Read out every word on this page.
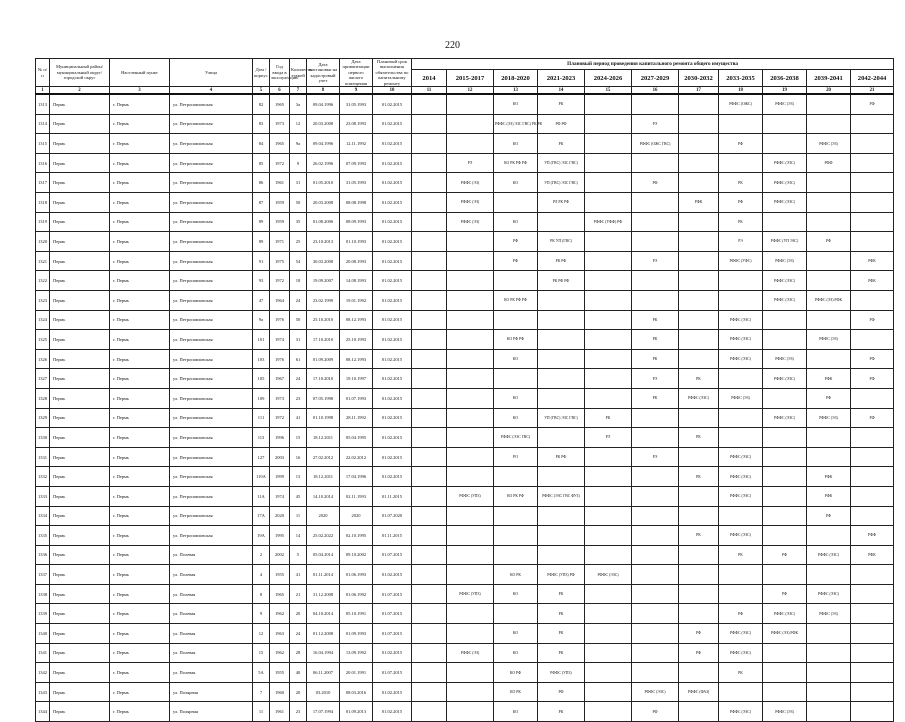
220
№ п/п	Муниципальный район/муниципальный округ/городской округ	Населенный пункт	Улица	Дом / корпус	Год ввода в эксплуатацию	Количество этажей	Дата постановки на кадастровый учет	Дата приватизации первого жилого помещения	Плановый срок выполнения обязательства по капитальному ремонту	Плановый период проведения капитального ремонта общего имущества										
										2014	2015-2017	2018-2020	2021-2023	2024-2026	2027-2029	2030-2032	2033-2035	2036-2038	2039-2041	2042-2044
1	2	3	4	5	6	7	8	9	10	11	12	13	14	15	16	17	18	19	20	21
1313	Пермь	г. Пермь	ул. Петропавловская	82	1965	3а	09.04.1996	31.05.1993	01.02.2015			КО	РК				РФФС (ОЖС)	РФФС (ЭЗ)		РФ
1314	Пермь	г. Пермь	ул. Петропавловская	83	1973	12	20.03.2008	23.08.1993	01.02.2015			РФФС (ЭЗ) ЭЗС ГВС) РК РК	РФ РФ		РЭ					
1315	Пермь	г. Пермь	ул. Петропавловская	84	1965	9а	09.04.1996	12.11.1992	01.02.2015			КО	РК		РФФС (ОЖС ГВС)		РФ		РФФС (ЭЗ)	
1316	Пермь	г. Пермь	ул. Петропавловская	85	1972	9	26.02.1996	07.09.1993	01.02.2015		РЭ	КО РК РФ РФ	УП (ГВС) ЭЗС ГВС)					РФФС (ЭЗС)	РФФ	
1317	Пермь	г. Пермь	ул. Петропавловская	86	1961	31	01.05.2010	31.05.1993	01.02.2015		РФФС (ЭЗ)	КО	УП (ГВС) ЭЗС ГВС)		РФ		РК	РФФС (ЭЗС)		
1318	Пермь	г. Пермь	ул. Петропавловская	87	1959	50	20.03.2008	08.08.1998	01.02.2015		РФФС (ЭЗ)		РЛ РК РФ			РФК	РФ	РФФС (ЭЗС)		
1319	Пермь	г. Пермь	ул. Петропавловская	89	1959	35	01.08.2006	08.09.1993	01.02.2015		РФФС (ЭЗ)	КО		РФФС (УФФ) РФ			РК			
1320	Пермь	г. Пермь	ул. Петропавловская	89	1971	25	23.10.2013	01.10.1993	01.02.2015			РФ	РК УП (ГВС)				РЭ	РФФС (УП ЭЗС)	РФ	
1321	Пермь	г. Пермь	ул. Петропавловская	91	1975	54	30.03.2008	20.08.1993	01.02.2015			РФ	РК РФ		РЭ		РФФС (УФС)	РФФС (ЭЗ)		РФК
1322	Пермь	г. Пермь	ул. Петропавловская	93	1972	18	19.09.2007	14.08.1993	01.02.2015				РК РФ РФ					РФФС (ЭЗС)		РФК
1323	Пермь	г. Пермь	ул. Петропавловская	47	1964	24	23.02.1999	19.01.1992	01.02.2015			КО РК РФ РФ						РФФС (ЭЗС)	РФФС (ЭЗ) РФК	
1324	Пермь	г. Пермь	ул. Петропавловская	9а	1976	50	25.10.2010	08.12.1993	01.02.2015						РК		РФФС (ЭЗС)			РФ
1325	Пермь	г. Пермь	ул. Петропавловская	101	1974	31	17.10.2010	25.10.1993	01.02.2015			КО РФ РФ			РК		РФФС (ЭЗС)		РФФС (ЭЗ)	
1326	Пермь	г. Пермь	ул. Петропавловская	103	1976	61	01.09.2009	08.12.1993	01.02.2015			КО			РК		РФФС (ЭЗС)	РФФС (ЭЗ)		РФ
1327	Пермь	г. Пермь	ул. Петропавловская	105	1967	24	17.10.2010	19.10.1997	01.02.2015						РЭ	РК		РФФС (ЭЗС)	РФК	РФ
1328	Пермь	г. Пермь	ул. Петропавловская	109	1973	23	07.05.1998	01.07.1993	01.02.2015			КО			РК	РФФС (ЭЗС)	РФФС (ЭЗ)		РФ	
1329	Пермь	г. Пермь	ул. Петропавловская	111	1972	41	01.10.1998	28.11.1992	01.02.2015			КО	УП (ГВС) ЭЗС ГВС)	РК				РФФС (ЭЗС)	РФФС (ЭЗ)	РФ
1330	Пермь	г. Пермь	ул. Петропавловская	113	1996	15	18.12.2011	05.04.1995	01.02.2015			РФФС (ЭЗС ГВС)		РЭ		РК				
1331	Пермь	г. Пермь	ул. Петропавловская	127	2003	16	27.02.2012	22.02.2012	01.02.2015			РО	РК РФ		РЭ		РФФС (ЭЗС)			
1332	Пермь	г. Пермь	ул. Петропавловская	119А	1999	13	18.12.2011	17.04.1996	01.02.2015							РК	РФФС (ЭЗС)		РФК	
1333	Пермь	г. Пермь	ул. Петропавловская	11А	1974	45	14.10.2014	02.11.1993	01.11.2015		РФФС (УП3)	КО РК РФ	РФФС (ЭЗС ГВС ФУЗ)				РФФС (ЭЗС)		РФК	
1334	Пермь	г. Пермь	ул. Петропавловская	17А	2020	11	2020	2020	01.07.2020										РФ	
1335	Пермь	г. Пермь	ул. Петропавловская	19А	1995	14	25.02.2022	02.10.1995	01.11.2015							РК	РФФС (ЭЗС)			РФФ
1336	Пермь	г. Пермь	ул. Полевая	2	2002	5	05.04.2014	09.10.2002	01.07.2015								РК	РФ	РФФС (ЭЗС)	РФК
1337	Пермь	г. Пермь	ул. Полевая	4	1955	41	01.11.2014	01.06.1993	01.02.2015			КО РК	РФФС (УП3) РФ	РФФС (ЭЗС)						
1338	Пермь	г. Пермь	ул. Полевая	8	1965	21	31.12.2008	01.06.1992	01.07.2015		РФФС (УП3)	КО	РК					РФ	РФФС (ЭЗС)	
1339	Пермь	г. Пермь	ул. Полевая	9	1962	20	04.10.2014	05.10.1991	01.07.2015				РК				РФ	РФФС (ЭЗС)	РФФС (ЭЗ)	
1340	Пермь	г. Пермь	ул. Полевая	12	1963	24	01.12.2008	01.09.1993	01.07.2015			КО	РК			РФ	РФФС (ЭЗС)	РФФС (ЭЗ) РФК		
1341	Пермь	г. Пермь	ул. Полевая	15	1962	28	16.04.1994	13.09.1992	01.02.2015		РФФС (ЭЗ)	КО	РК			РФ	РФФС (ЭЗС)			
1342	Пермь	г. Пермь	ул. Полевая	5А	1955	40	06.11.2007	20.01.1991	01.07.2015			КО РФ	РФФС (УП3)				РК			
1343	Пермь	г. Пермь	ул. Полярная	7	1960	20	03.2010	08.03.2016	01.02.2015			КО РК	РФ		РФФС (ЭЗС)	РФФС (ФАЗ)				
1344	Пермь	г. Пермь	ул. Полярная	11	1961	23	17.07.1994	01.09.2013	01.02.2015			КО	РК		РФ		РФФС (ЭЗС)	РФФС (ЭЗ)		
